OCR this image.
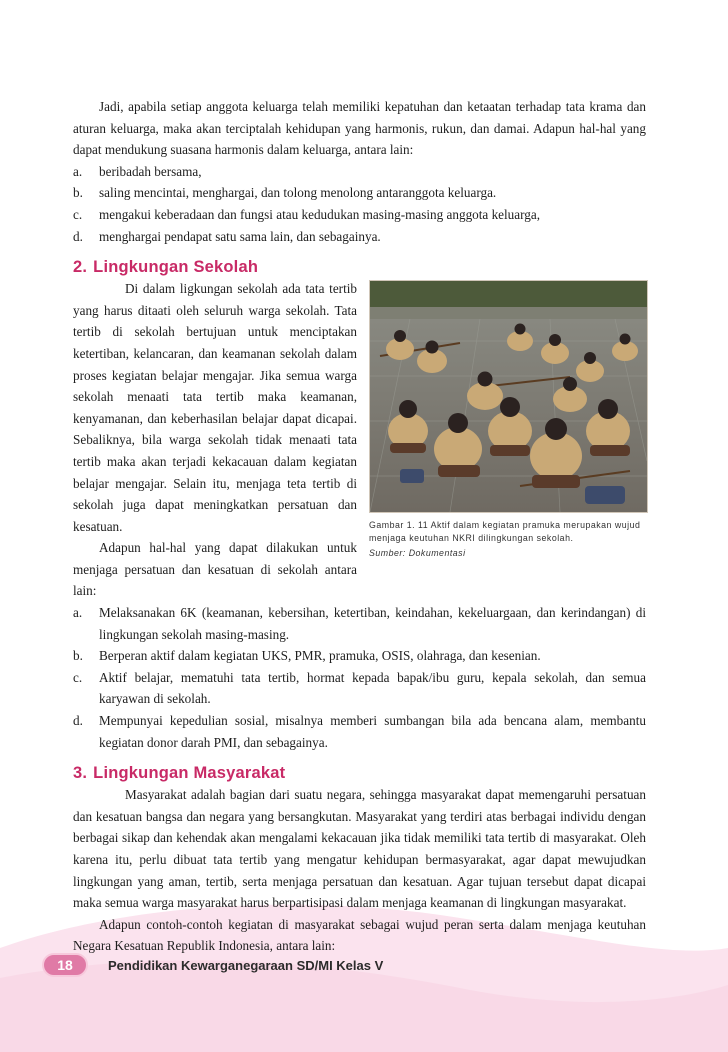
Jadi, apabila setiap anggota keluarga telah memiliki kepatuhan dan ketaatan terhadap tata krama dan aturan keluarga, maka akan terciptalah kehidupan yang harmonis, rukun, dan damai. Adapun hal-hal yang dapat mendukung suasana harmonis dalam keluarga, antara lain:

a.	beribadah bersama,
b.	saling mencintai, menghargai, dan tolong menolong antaranggota keluarga.
c.	mengakui keberadaan dan fungsi atau kedudukan masing-masing anggota keluarga,
d.	menghargai pendapat satu sama lain, dan sebagainya.
2. Lingkungan Sekolah
Gambar 1. 11 Aktif dalam kegiatan pramuka merupakan wujud menjaga keutuhan NKRI dilingkungan sekolah.
Sumber: Dokumentasi

Di dalam ligkungan sekolah ada tata tertib yang harus ditaati oleh seluruh warga sekolah. Tata tertib di sekolah bertujuan untuk menciptakan ketertiban, kelancaran, dan keamanan sekolah dalam proses kegiatan belajar mengajar. Jika semua warga sekolah menaati tata tertib maka keamanan, kenyamanan, dan keberhasilan belajar dapat dicapai. Sebaliknya, bila warga sekolah tidak menaati tata tertib maka akan terjadi kekacauan dalam kegiatan belajar mengajar. Selain itu, menjaga teta tertib di sekolah juga dapat meningkatkan persatuan dan kesatuan.

Adapun hal-hal yang dapat dilakukan untuk menjaga persatuan dan kesatuan di sekolah antara lain:

a.	Melaksanakan 6K (keamanan, kebersihan, ketertiban, keindahan, kekeluargaan, dan kerindangan) di lingkungan sekolah masing-masing.
b.	Berperan aktif dalam kegiatan UKS, PMR, pramuka, OSIS, olahraga, dan kesenian.
c.	Aktif belajar, mematuhi tata tertib, hormat kepada bapak/ibu guru, kepala sekolah, dan semua karyawan di sekolah.
d.	Mempunyai kepedulian sosial, misalnya memberi sumbangan bila ada bencana alam, membantu kegiatan donor darah PMI, dan sebagainya.
3. Lingkungan Masyarakat

Masyarakat adalah bagian dari suatu negara, sehingga masyarakat dapat memengaruhi persatuan dan kesatuan bangsa dan negara yang bersangkutan. Masyarakat yang terdiri atas berbagai individu dengan berbagai sikap dan kehendak akan mengalami kekacauan jika tidak memiliki tata tertib di masyarakat. Oleh karena itu, perlu dibuat tata tertib yang mengatur kehidupan bermasyarakat, agar dapat mewujudkan lingkungan yang aman, tertib, serta menjaga persatuan dan kesatuan. Agar tujuan tersebut dapat dicapai maka semua warga masyarakat harus berpartisipasi dalam menjaga keamanan di lingkungan masyarakat.

Adapun contoh-contoh kegiatan di masyarakat sebagai wujud peran serta dalam menjaga keutuhan Negara Kesatuan Republik Indonesia, antara lain:

18	Pendidikan Kewarganegaraan SD/MI Kelas V
